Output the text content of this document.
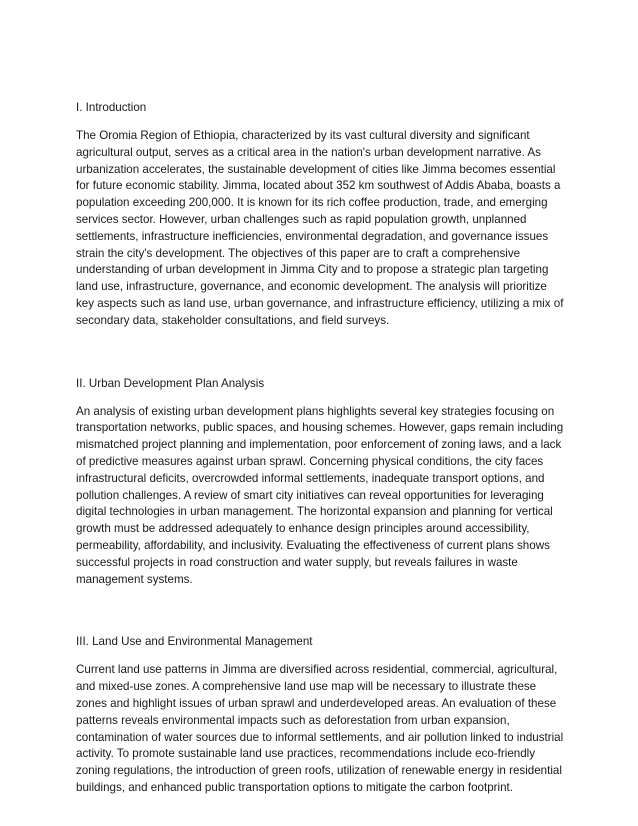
I. Introduction

The Oromia Region of Ethiopia, characterized by its vast cultural diversity and significant agricultural output, serves as a critical area in the nation's urban development narrative. As urbanization accelerates, the sustainable development of cities like Jimma becomes essential for future economic stability. Jimma, located about 352 km southwest of Addis Ababa, boasts a population exceeding 200,000. It is known for its rich coffee production, trade, and emerging services sector. However, urban challenges such as rapid population growth, unplanned settlements, infrastructure inefficiencies, environmental degradation, and governance issues strain the city's development. The objectives of this paper are to craft a comprehensive understanding of urban development in Jimma City and to propose a strategic plan targeting land use, infrastructure, governance, and economic development. The analysis will prioritize key aspects such as land use, urban governance, and infrastructure efficiency, utilizing a mix of secondary data, stakeholder consultations, and field surveys.

II. Urban Development Plan Analysis

An analysis of existing urban development plans highlights several key strategies focusing on transportation networks, public spaces, and housing schemes. However, gaps remain including mismatched project planning and implementation, poor enforcement of zoning laws, and a lack of predictive measures against urban sprawl. Concerning physical conditions, the city faces infrastructural deficits, overcrowded informal settlements, inadequate transport options, and pollution challenges. A review of smart city initiatives can reveal opportunities for leveraging digital technologies in urban management. The horizontal expansion and planning for vertical growth must be addressed adequately to enhance design principles around accessibility, permeability, affordability, and inclusivity. Evaluating the effectiveness of current plans shows successful projects in road construction and water supply, but reveals failures in waste management systems.

III. Land Use and Environmental Management

Current land use patterns in Jimma are diversified across residential, commercial, agricultural, and mixed-use zones. A comprehensive land use map will be necessary to illustrate these zones and highlight issues of urban sprawl and underdeveloped areas. An evaluation of these patterns reveals environmental impacts such as deforestation from urban expansion, contamination of water sources due to informal settlements, and air pollution linked to industrial activity. To promote sustainable land use practices, recommendations include eco-friendly zoning regulations, the introduction of green roofs, utilization of renewable energy in residential buildings, and enhanced public transportation options to mitigate the carbon footprint.
